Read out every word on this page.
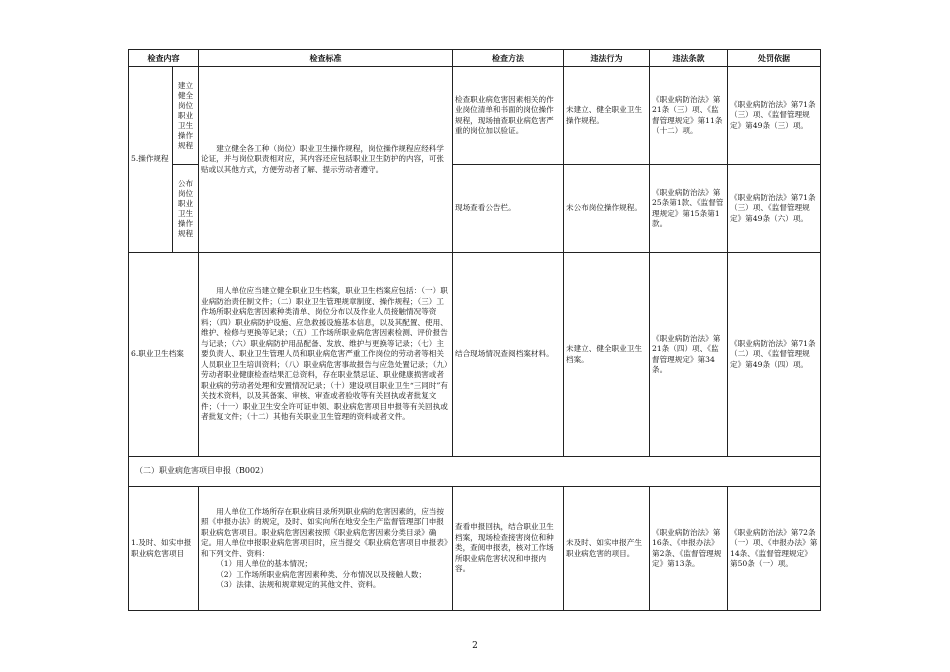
检查内容		检查标准	检查方法	违法行为	违法条款	处罚依据
5.操作规程	建立健全岗位职业卫生操作规程	建立健全各工种（岗位）职业卫生操作规程，岗位操作规程应经科学论证，并与岗位职责相对应，其内容还应包括职业卫生防护的内容，可张贴或以其他方式，方便劳动者了解、提示劳动者遵守。	检查职业病危害因素相关的作业岗位清单和书面的岗位操作规程，现场抽查职业病危害严重的岗位加以验证。	未建立、健全职业卫生操作规程。	《职业病防治法》第21条（三）项、《监督管理规定》第11条（十二）项。	《职业病防治法》第71条（三）项、《监督管理规定》第49条（三）项。
	公布岗位职业卫生操作规程		现场查看公告栏。	未公布岗位操作规程。	《职业病防治法》第25条第1款、《监督管理规定》第15条第1款。	《职业病防治法》第71条（三）项、《监督管理规定》第49条（六）项。
6.职业卫生档案		用人单位应当建立健全职业卫生档案，职业卫生档案应包括：（一）职业病防治责任制文件；（二）职业卫生管理规章制度、操作规程；（三）工作场所职业病危害因素种类清单、岗位分布以及作业人员接触情况等资料；（四）职业病防护设施、应急救援设施基本信息，以及其配置、使用、维护、检修与更换等记录；（五）工作场所职业病危害因素检测、评价报告与记录；（六）职业病防护用品配备、发放、维护与更换等记录；（七）主要负责人、职业卫生管理人员和职业病危害严重工作岗位的劳动者等相关人员职业卫生培训资料；（八）职业病危害事故报告与应急处置记录；（九）劳动者职业健康检查结果汇总资料，存在职业禁忌证、职业健康损害或者职业病的劳动者处理和安置情况记录；（十）建设项目职业卫生“三同时”有关技术资料，以及其备案、审核、审查或者验收等有关回执或者批复文件；（十一）职业卫生安全许可证申领、职业病危害项目申报等有关回执或者批复文件；（十二）其他有关职业卫生管理的资料或者文件。	结合现场情况查阅档案材料。	未建立、健全职业卫生档案。	《职业病防治法》第21条（四）项、《监督管理规定》第34条。	《职业病防治法》第71条（二）项、《监督管理规定》第49条（四）项。
（二）职业病危害项目申报（B002）						
1.及时、如实申报职业病危害项目		用人单位工作场所存在职业病目录所列职业病的危害因素的，应当按照《申报办法》的规定，及时、如实向所在地安全生产监督管理部门申报职业病危害项目。职业病危害因素按照《职业病危害因素分类目录》确定。用人单位申报职业病危害项目时，应当提交《职业病危害项目申报表》和下列文件、资料：
（1）用人单位的基本情况；
（2）工作场所职业病危害因素种类、分布情况以及接触人数；
（3）法律、法规和规章规定的其他文件、资料。	查看申报回执，结合职业卫生档案，现场检查接害岗位和种类，查阅申报表，核对工作场所职业病危害状况和申报内容。	未及时、如实申报产生职业病危害的项目。	《职业病防治法》第16条、《申报办法》第2条、《监督管理规定》第13条。	《职业病防治法》第72条（一）项、《申报办法》第14条、《监督管理规定》第50条（一）项。
2
